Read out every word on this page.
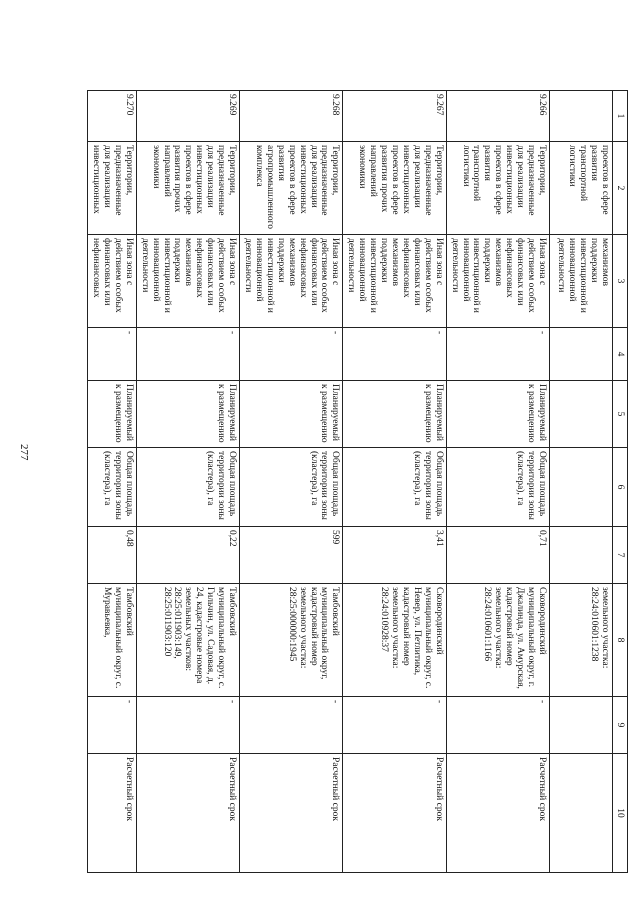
277
1	2	3	4	5	6	7	8	9	10
	проектов в сфере развития транспортной логистики	механизмов поддержки инвестиционной и инновационной деятельности					земельного участка: 28:24:010601:1238		
9.266	Территории, предназначенные для реализации инвестиционных проектов в сфере развития транспортной логистики	Иная зона с действием особых финансовых или нефинансовых механизмов поддержки инвестиционной и инновационной деятельности	-	Планируемый к размещению	Общая площадь территории зоны (кластера), га	0,71	Сковородинский муниципальный округ, г. Джалинда, ул. Амурская, кадастровый номер земельного участка: 28:24:010601:1166	-	Расчетный срок
9.267	Территории, предназначенные для реализации инвестиционных проектов в сфере развития прочих направлений экономики	Иная зона с действием особых финансовых или нефинансовых механизмов поддержки инвестиционной и инновационной деятельности	-	Планируемый к размещению	Общая площадь территории зоны (кластера), га	3,41	Сковородинский муниципальный округ, с. Невер, ул. Петлитика, кадастровый номер земельного участка: 28:24:010928:37	-	Расчетный срок
9.268	Территории, предназначенные для реализации инвестиционных проектов в сфере развития агропромышленного комплекса	Иная зона с действием особых финансовых или нефинансовых механизмов поддержки инвестиционной и инновационной деятельности	-	Планируемый к размещению	Общая площадь территории зоны (кластера), га	599	Тамбовский муниципальный округ, кадастровый номер земельного участка: 28:25:000000:1945	-	Расчетный срок
9.269	Территории, предназначенные для реализации инвестиционных проектов в сфере развития прочих направлений экономики	Иная зона с действием особых финансовых или нефинансовых механизмов поддержки инвестиционной и инновационной деятельности	-	Планируемый к размещению	Общая площадь территории зоны (кластера), га	0,22	Тамбовский муниципальный округ, с. Гильчин, ул. Садовая, д. 24, кадастровые номера земельных участков: 28:25:011903:149, 28:25:011903:120	-	Расчетный срок
9.270	Территории, предназначенные для реализации инвестиционных	Иная зона с действием особых финансовых или нефинансовых	-	Планируемый к размещению	Общая площадь территории зоны (кластера), га	0,48	Тамбовский муниципальный округ, с. Муравьевка,	-	Расчетный срок
